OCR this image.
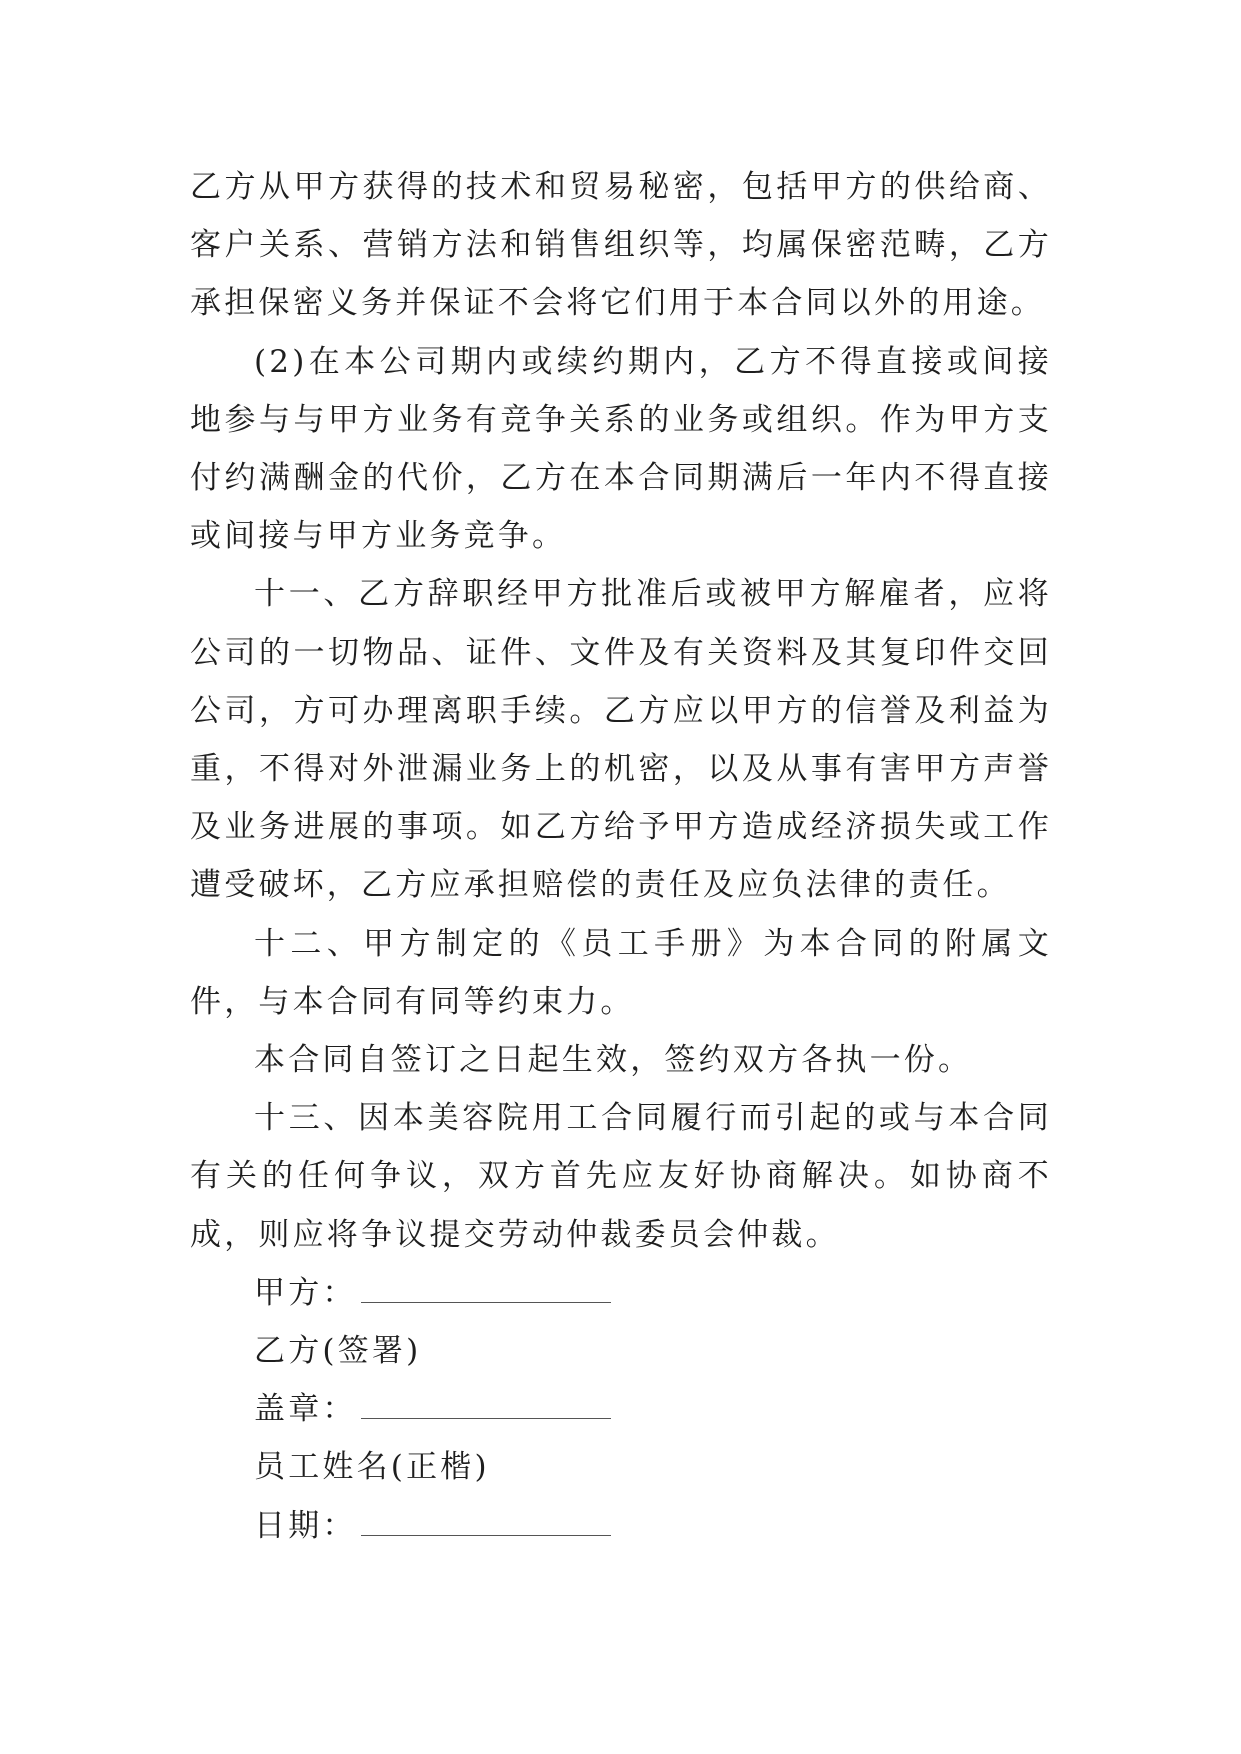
乙方从甲方获得的技术和贸易秘密，包括甲方的供给商、客户关系、营销方法和销售组织等，均属保密范畴，乙方承担保密义务并保证不会将它们用于本合同以外的用途。

(2)在本公司期内或续约期内，乙方不得直接或间接地参与与甲方业务有竞争关系的业务或组织。作为甲方支付约满酬金的代价，乙方在本合同期满后一年内不得直接或间接与甲方业务竞争。

十一、乙方辞职经甲方批准后或被甲方解雇者，应将公司的一切物品、证件、文件及有关资料及其复印件交回公司，方可办理离职手续。乙方应以甲方的信誉及利益为重，不得对外泄漏业务上的机密，以及从事有害甲方声誉及业务进展的事项。如乙方给予甲方造成经济损失或工作遭受破坏，乙方应承担赔偿的责任及应负法律的责任。

十二、甲方制定的《员工手册》为本合同的附属文件，与本合同有同等约束力。

本合同自签订之日起生效，签约双方各执一份。

十三、因本美容院用工合同履行而引起的或与本合同有关的任何争议，双方首先应友好协商解决。如协商不成，则应将争议提交劳动仲裁委员会仲裁。

甲方：
乙方(签署)
盖章：
员工姓名(正楷)
日期：
